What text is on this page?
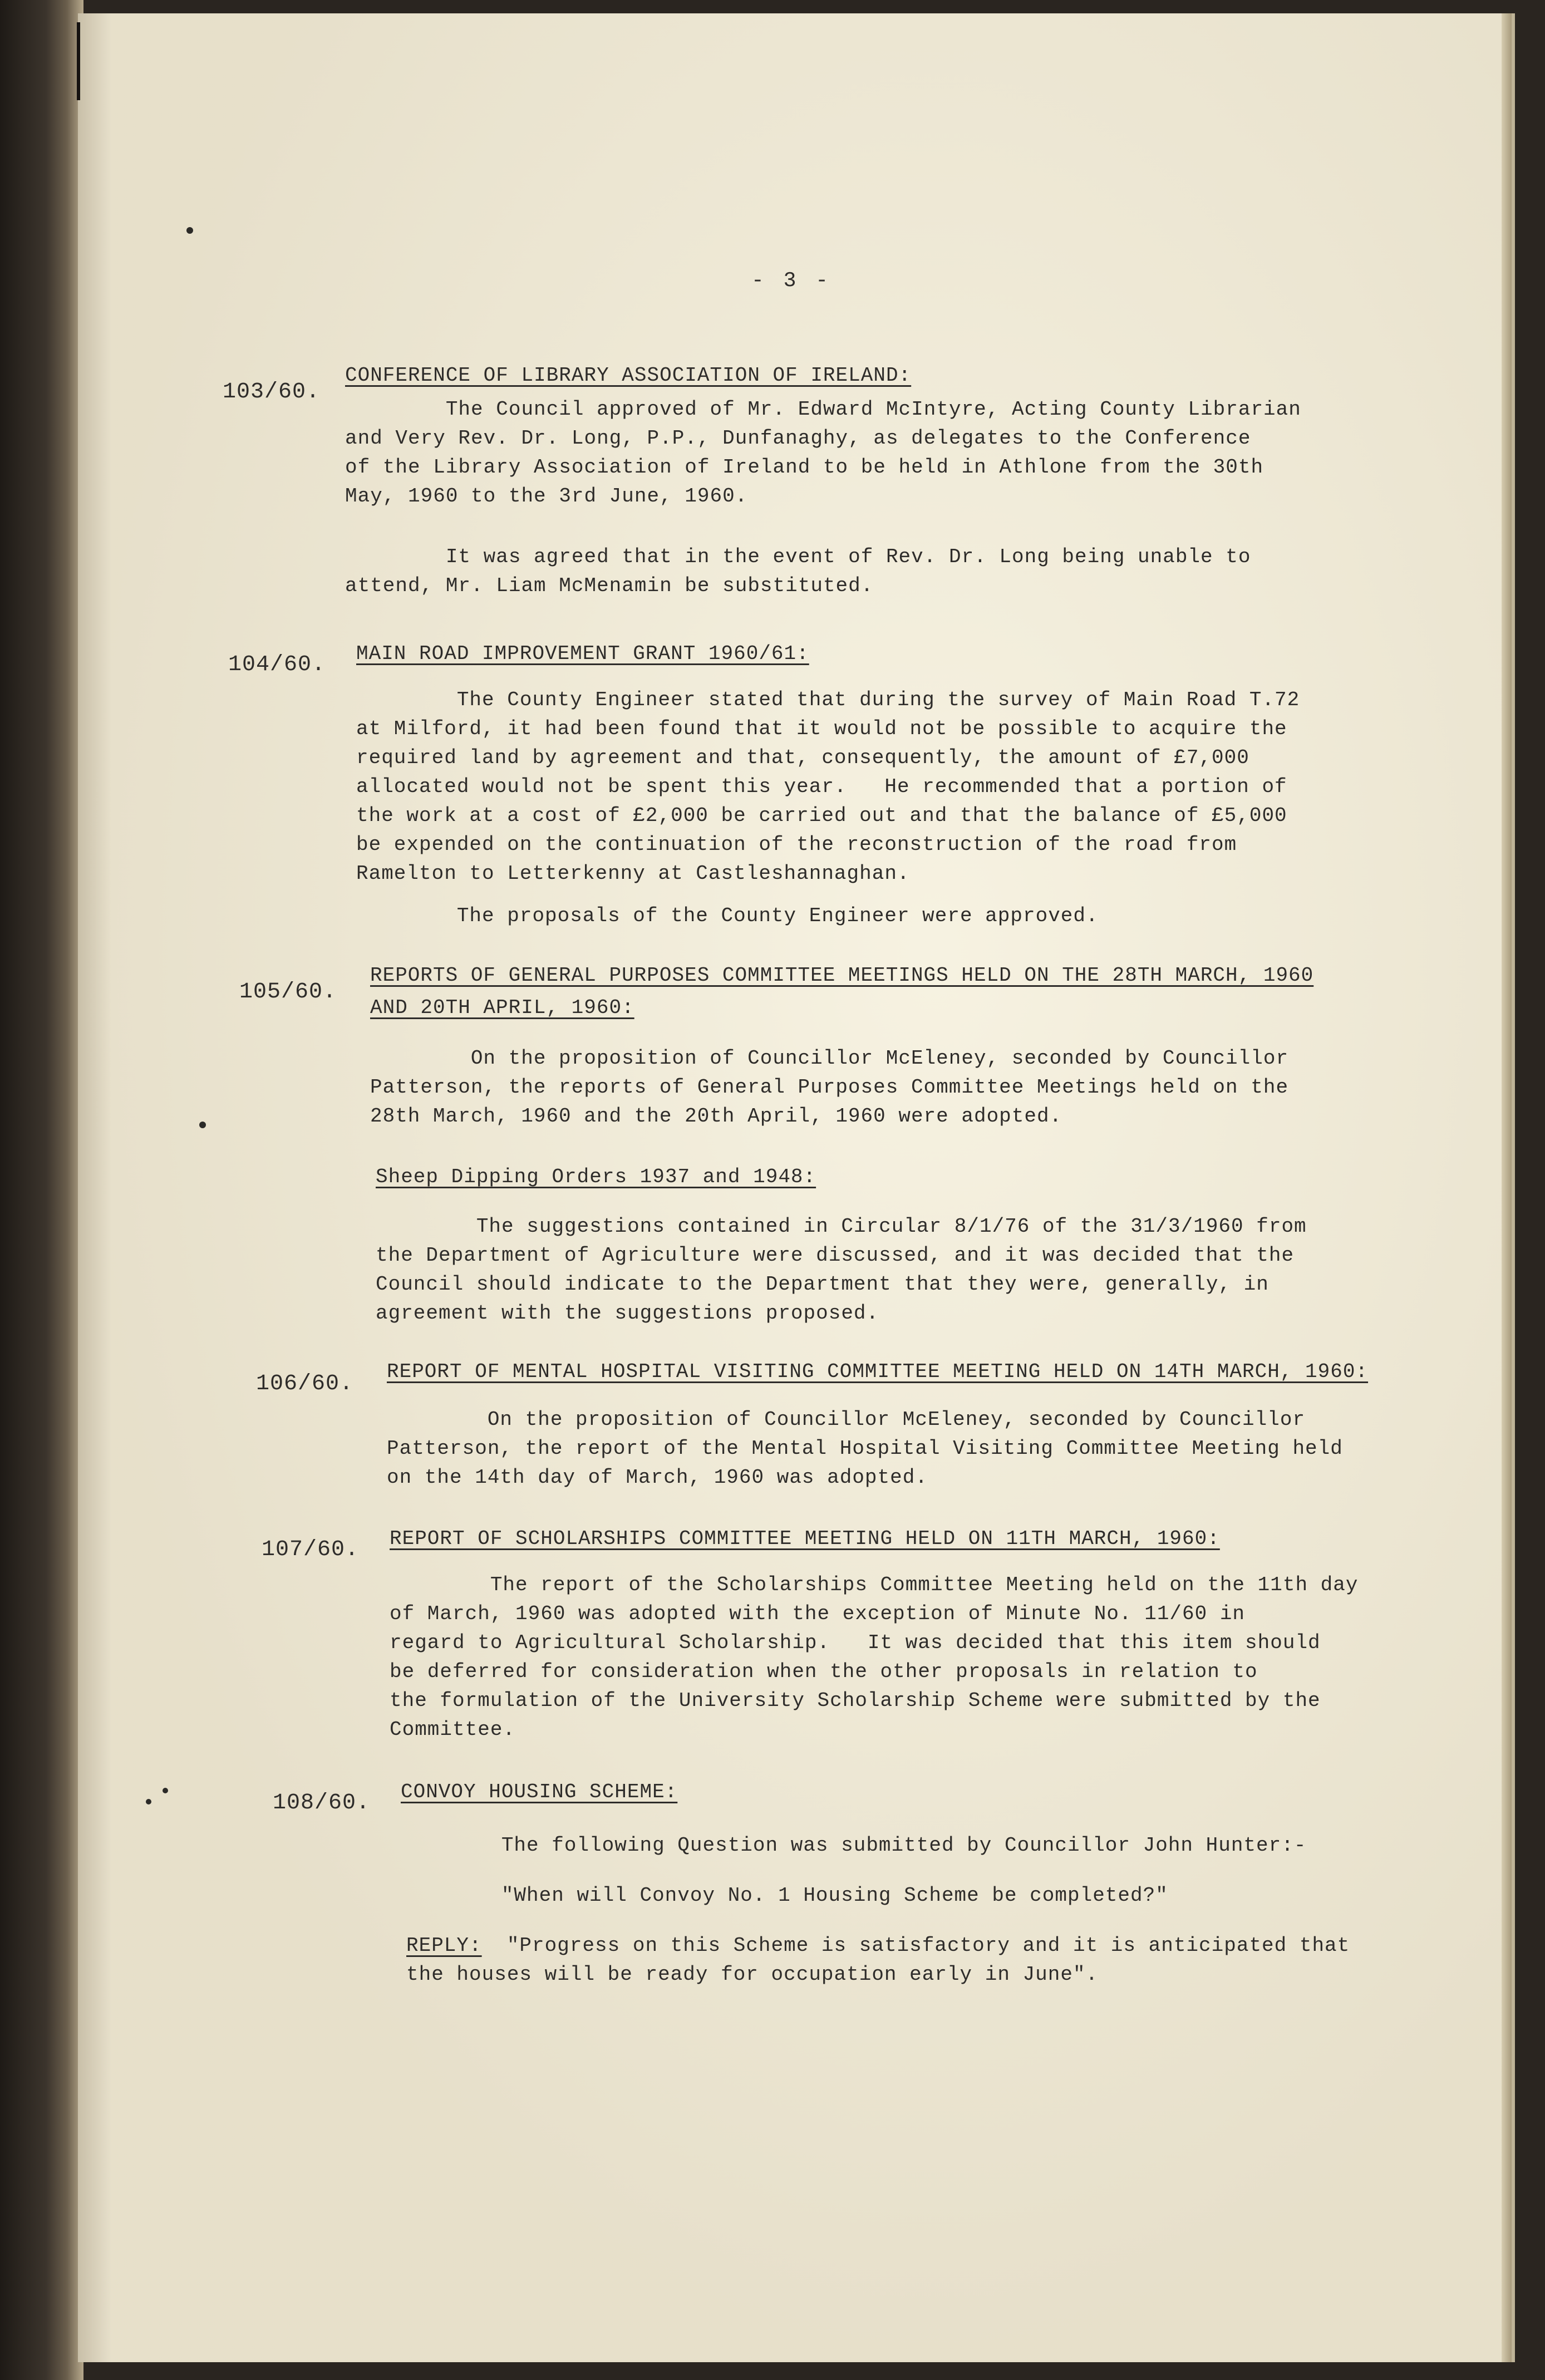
- 3 -
103/60.
CONFERENCE OF LIBRARY ASSOCIATION OF IRELAND:
The Council approved of Mr. Edward McIntyre, Acting County Librarian
and Very Rev. Dr. Long, P.P., Dunfanaghy, as delegates to the Conference
of the Library Association of Ireland to be held in Athlone from the 30th
May, 1960 to the 3rd June, 1960.
It was agreed that in the event of Rev. Dr. Long being unable to
attend, Mr. Liam McMenamin be substituted.
104/60. MAIN ROAD IMPROVEMENT GRANT 1960/61:
The County Engineer stated that during the survey of Main Road T.72
at Milford, it had been found that it would not be possible to acquire the
required land by agreement and that, consequently, the amount of £7,000
allocated would not be spent this year.   He recommended that a portion of
the work at a cost of £2,000 be carried out and that the balance of £5,000
be expended on the continuation of the reconstruction of the road from
Ramelton to Letterkenny at Castleshannaghan.
The proposals of the County Engineer were approved.
105/60.
REPORTS OF GENERAL PURPOSES COMMITTEE MEETINGS HELD ON THE 28TH MARCH, 1960
AND 20TH APRIL, 1960:
On the proposition of Councillor McEleney, seconded by Councillor
Patterson, the reports of General Purposes Committee Meetings held on the
28th March, 1960 and the 20th April, 1960 were adopted.
Sheep Dipping Orders 1937 and 1948:
The suggestions contained in Circular 8/1/76 of the 31/3/1960 from
the Department of Agriculture were discussed, and it was decided that the
Council should indicate to the Department that they were, generally, in
agreement with the suggestions proposed.
106/60. REPORT OF MENTAL HOSPITAL VISITING COMMITTEE MEETING HELD ON 14TH MARCH, 1960:
On the proposition of Councillor McEleney, seconded by Councillor
Patterson, the report of the Mental Hospital Visiting Committee Meeting held
on the 14th day of March, 1960 was adopted.
107/60. REPORT OF SCHOLARSHIPS COMMITTEE MEETING HELD ON 11TH MARCH, 1960:
The report of the Scholarships Committee Meeting held on the 11th day
of March, 1960 was adopted with the exception of Minute No. 11/60 in
regard to Agricultural Scholarship.   It was decided that this item should
be deferred for consideration when the other proposals in relation to
the formulation of the University Scholarship Scheme were submitted by the
Committee.
108/60. CONVOY HOUSING SCHEME:
The following Question was submitted by Councillor John Hunter:-
"When will Convoy No. 1 Housing Scheme be completed?"
REPLY:  "Progress on this Scheme is satisfactory and it is anticipated that
the houses will be ready for occupation early in June".
